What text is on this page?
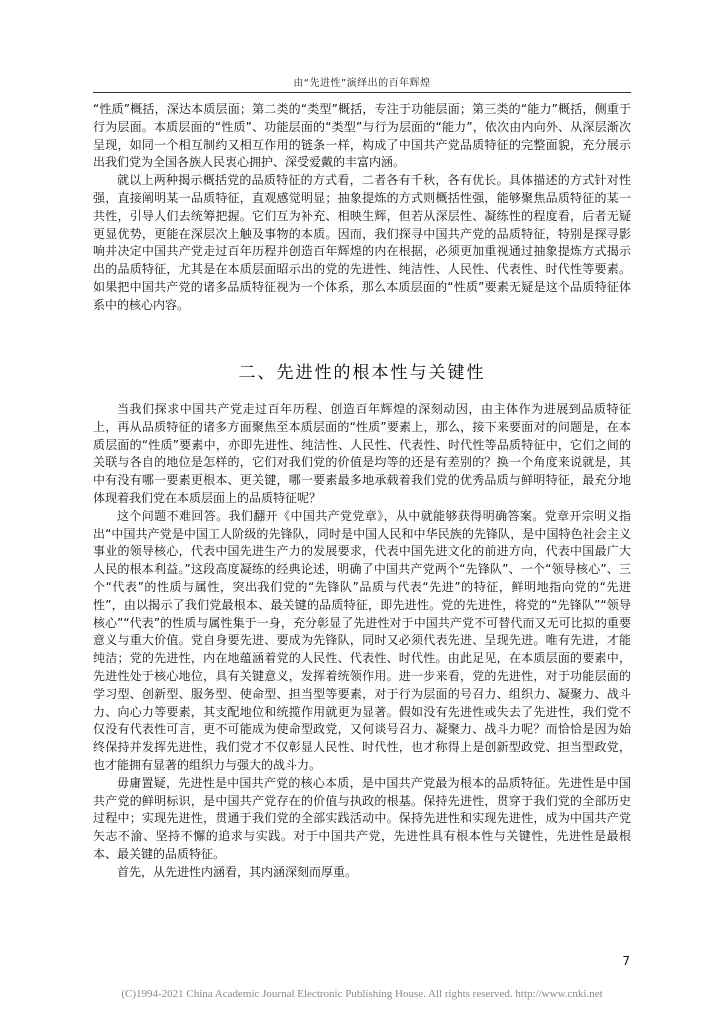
由“先进性”演绎出的百年辉煌

“性质”概括，深达本质层面；第二类的“类型”概括，专注于功能层面；第三类的“能力”概括，侧重于行为层面。本质层面的“性质”、功能层面的“类型”与行为层面的“能力”，依次由内向外、从深层渐次呈现，如同一个相互制约又相互作用的链条一样，构成了中国共产党品质特征的完整面貌，充分展示出我们党为全国各族人民衷心拥护、深受爱戴的丰富内涵。

就以上两种揭示概括党的品质特征的方式看，二者各有千秋，各有优长。具体描述的方式针对性强，直接阐明某一品质特征，直观感觉明显；抽象提炼的方式则概括性强，能够聚焦品质特征的某一共性，引导人们去统筹把握。它们互为补充、相映生辉，但若从深层性、凝练性的程度看，后者无疑更显优势，更能在深层次上触及事物的本质。因而，我们探寻中国共产党的品质特征，特别是探寻影响并决定中国共产党走过百年历程并创造百年辉煌的内在根据，必须更加重视通过抽象提炼方式揭示出的品质特征，尤其是在本质层面昭示出的党的先进性、纯洁性、人民性、代表性、时代性等要素。如果把中国共产党的诸多品质特征视为一个体系，那么本质层面的“性质”要素无疑是这个品质特征体系中的核心内容。

二、先进性的根本性与关键性

当我们探求中国共产党走过百年历程、创造百年辉煌的深刻动因，由主体作为进展到品质特征上，再从品质特征的诸多方面聚焦至本质层面的“性质”要素上，那么，接下来要面对的问题是，在本质层面的“性质”要素中，亦即先进性、纯洁性、人民性、代表性、时代性等品质特征中，它们之间的关联与各自的地位是怎样的，它们对我们党的价值是均等的还是有差别的？换一个角度来说就是，其中有没有哪一要素更根本、更关键，哪一要素最多地承载着我们党的优秀品质与鲜明特征，最充分地体现着我们党在本质层面上的品质特征呢？

这个问题不难回答。我们翻开《中国共产党党章》，从中就能够获得明确答案。党章开宗明义指出“中国共产党是中国工人阶级的先锋队，同时是中国人民和中华民族的先锋队，是中国特色社会主义事业的领导核心，代表中国先进生产力的发展要求，代表中国先进文化的前进方向，代表中国最广大人民的根本利益。”这段高度凝练的经典论述，明确了中国共产党两个“先锋队”、一个“领导核心”、三个“代表”的性质与属性，突出我们党的“先锋队”品质与代表“先进”的特征，鲜明地指向党的“先进性”，由以揭示了我们党最根本、最关键的品质特征，即先进性。党的先进性，将党的“先锋队”“领导核心”“代表”的性质与属性集于一身，充分彰显了先进性对于中国共产党不可替代而又无可比拟的重要意义与重大价值。党自身要先进、要成为先锋队，同时又必须代表先进、呈现先进。唯有先进，才能纯洁；党的先进性，内在地蕴涵着党的人民性、代表性、时代性。由此足见，在本质层面的要素中，先进性处于核心地位，具有关键意义，发挥着统领作用。进一步来看，党的先进性，对于功能层面的学习型、创新型、服务型、使命型、担当型等要素，对于行为层面的号召力、组织力、凝聚力、战斗力、向心力等要素，其支配地位和统揽作用就更为显著。假如没有先进性或失去了先进性，我们党不仅没有代表性可言，更不可能成为使命型政党，又何谈号召力、凝聚力、战斗力呢？而恰恰是因为始终保持并发挥先进性，我们党才不仅彰显人民性、时代性，也才称得上是创新型政党、担当型政党，也才能拥有显著的组织力与强大的战斗力。

毋庸置疑，先进性是中国共产党的核心本质，是中国共产党最为根本的品质特征。先进性是中国共产党的鲜明标识，是中国共产党存在的价值与执政的根基。保持先进性，贯穿于我们党的全部历史过程中；实现先进性，贯通于我们党的全部实践活动中。保持先进性和实现先进性，成为中国共产党矢志不渝、坚持不懈的追求与实践。对于中国共产党，先进性具有根本性与关键性，先进性是最根本、最关键的品质特征。

首先，从先进性内涵看，其内涵深刻而厚重。

7
(C)1994-2021 China Academic Journal Electronic Publishing House. All rights reserved. http://www.cnki.net
